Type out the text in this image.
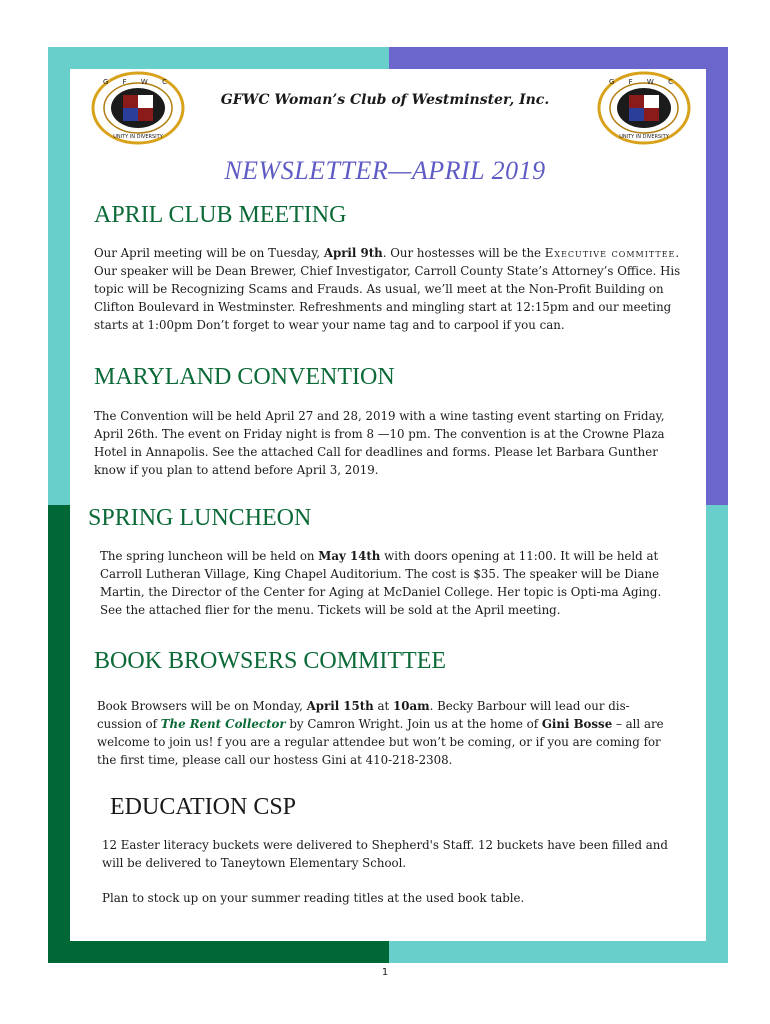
G F W C
UNITY IN DIVERSITY
G F W C
UNITY IN DIVERSITY
GFWC Woman’s Club of Westminster, Inc.
NEWSLETTER—APRIL 2019
APRIL CLUB MEETING

Our April meeting will be on Tuesday, April 9th. Our hostesses will be the Executive committee. Our speaker will be Dean Brewer, Chief Investigator, Carroll County State’s Attorney’s Office. His topic will be Recognizing Scams and Frauds. As usual, we’ll meet at the Non-Profit Building on Clifton Boulevard in Westminster. Refreshments and mingling start at 12:15pm and our meeting starts at 1:00pm Don’t forget to wear your name tag and to carpool if you can.

MARYLAND CONVENTION

The Convention will be held April 27 and 28, 2019 with a wine tasting event starting on Friday, April 26th. The event on Friday night is from 8 —10 pm. The convention is at the Crowne Plaza Hotel in Annapolis. See the attached Call for deadlines and forms. Please let Barbara Gunther know if you plan to attend before April 3, 2019.

SPRING LUNCHEON

The spring luncheon will be held on May 14th with doors opening at 11:00. It will be held at Carroll Lutheran Village, King Chapel Auditorium. The cost is $35. The speaker will be Diane Martin, the Director of the Center for Aging at McDaniel College. Her topic is Opti-ma Aging. See the attached flier for the menu. Tickets will be sold at the April meeting.

BOOK BROWSERS COMMITTEE

Book Browsers will be on Monday, April 15th at 10am. Becky Barbour will lead our dis-cussion of The Rent Collector by Camron Wright. Join us at the home of Gini Bosse – all are welcome to join us! f you are a regular attendee but won’t be coming, or if you are coming for the first time, please call our hostess Gini at 410-218-2308.

EDUCATION CSP

12 Easter literacy buckets were delivered to Shepherd's Staff. 12 buckets have been filled and will be delivered to Taneytown Elementary School.

Plan to stock up on your summer reading titles at the used book table.

1
